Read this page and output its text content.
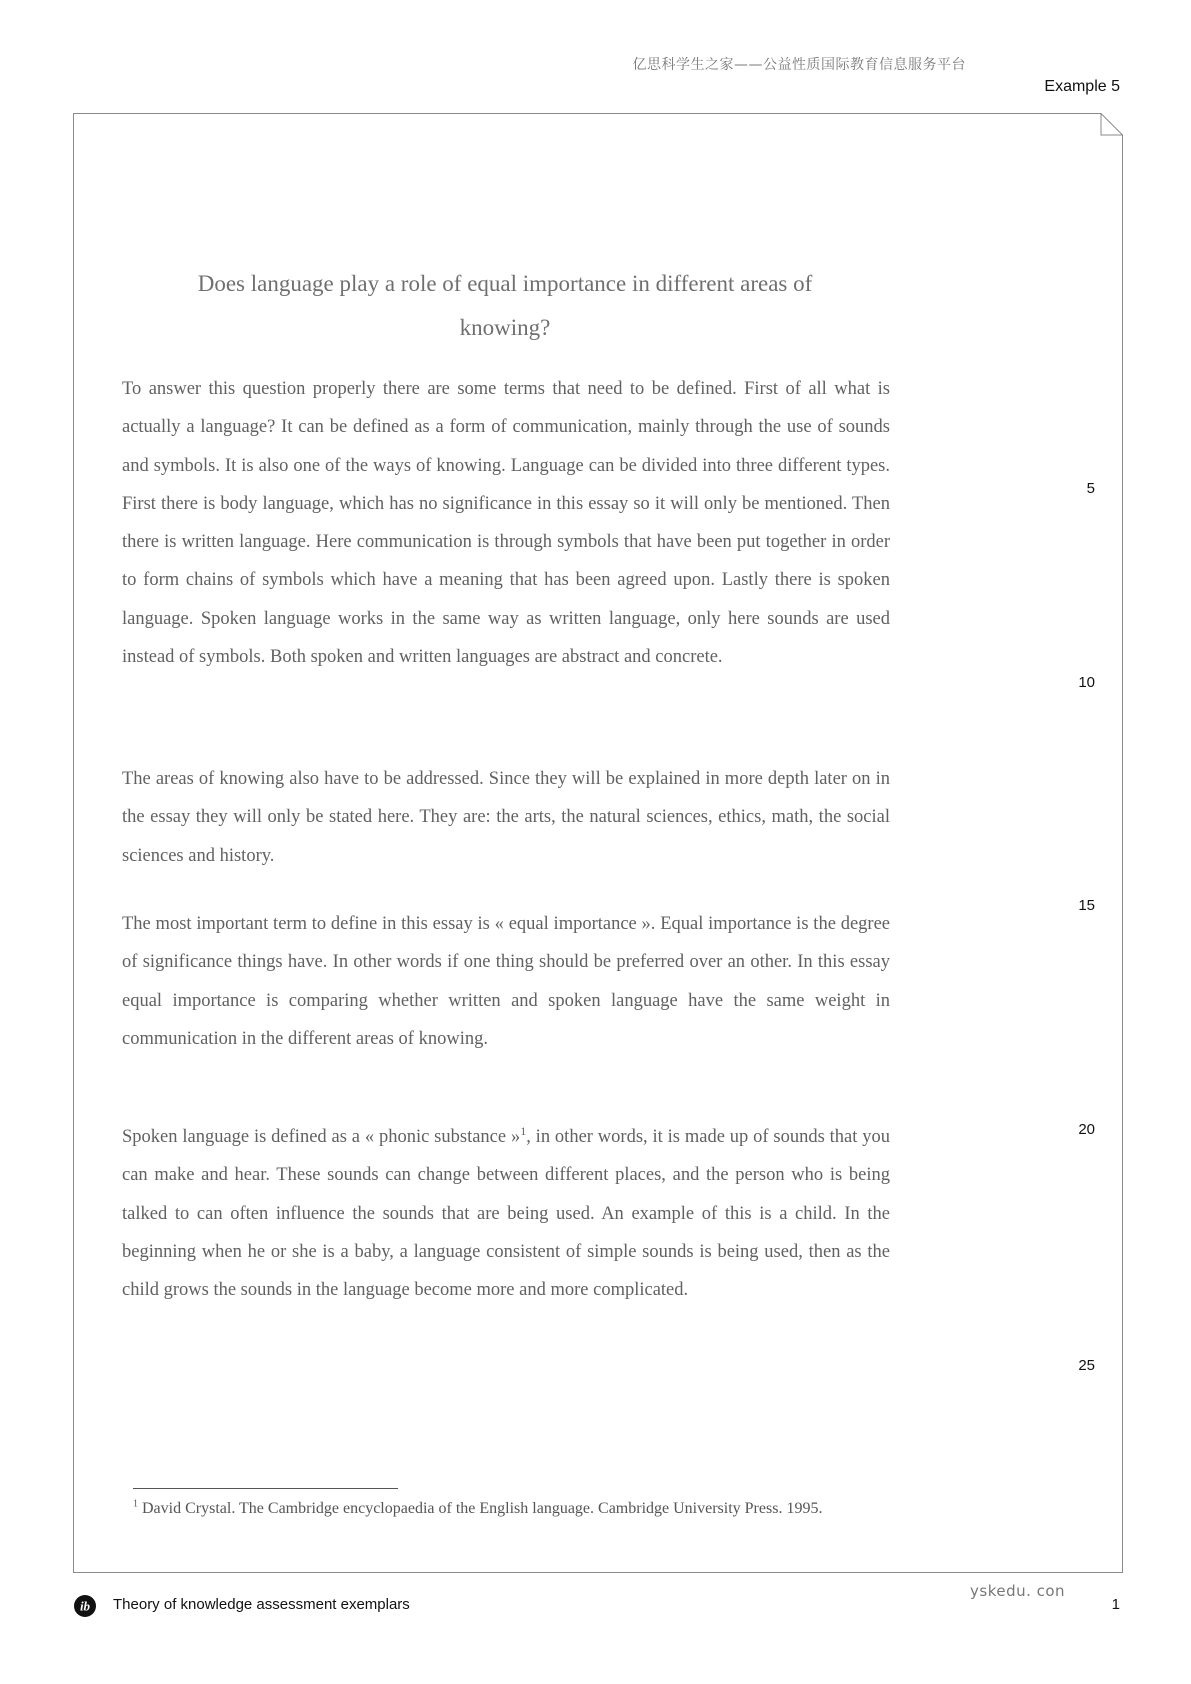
亿思科学生之家——公益性质国际教育信息服务平台
Example 5
Does language play a role of equal importance in different areas of knowing?

To answer this question properly there are some terms that need to be defined. First of all what is actually a language? It can be defined as a form of communication, mainly through the use of sounds and symbols. It is also one of the ways of knowing. Language can be divided into three different types. First there is body language, which has no significance in this essay so it will only be mentioned. Then there is written language. Here communication is through symbols that have been put together in order to form chains of symbols which have a meaning that has been agreed upon. Lastly there is spoken language. Spoken language works in the same way as written language, only here sounds are used instead of symbols. Both spoken and written languages are abstract and concrete.

The areas of knowing also have to be addressed. Since they will be explained in more depth later on in the essay they will only be stated here. They are: the arts, the natural sciences, ethics, math, the social sciences and history.

The most important term to define in this essay is « equal importance ». Equal importance is the degree of significance things have. In other words if one thing should be preferred over an other. In this essay equal importance is comparing whether written and spoken language have the same weight in communication in the different areas of knowing.

Spoken language is defined as a « phonic substance »$^1$, in other words, it is made up of sounds that you can make and hear. These sounds can change between different places, and the person who is being talked to can often influence the sounds that are being used. An example of this is a child. In the beginning when he or she is a baby, a language consistent of simple sounds is being used, then as the child grows the sounds in the language become more and more complicated.

5
10
15
20
25

$^1$ David Crystal. The Cambridge encyclopaedia of the English language. Cambridge University Press. 1995.

yskedu. con
ib Theory of knowledge assessment exemplars	1
